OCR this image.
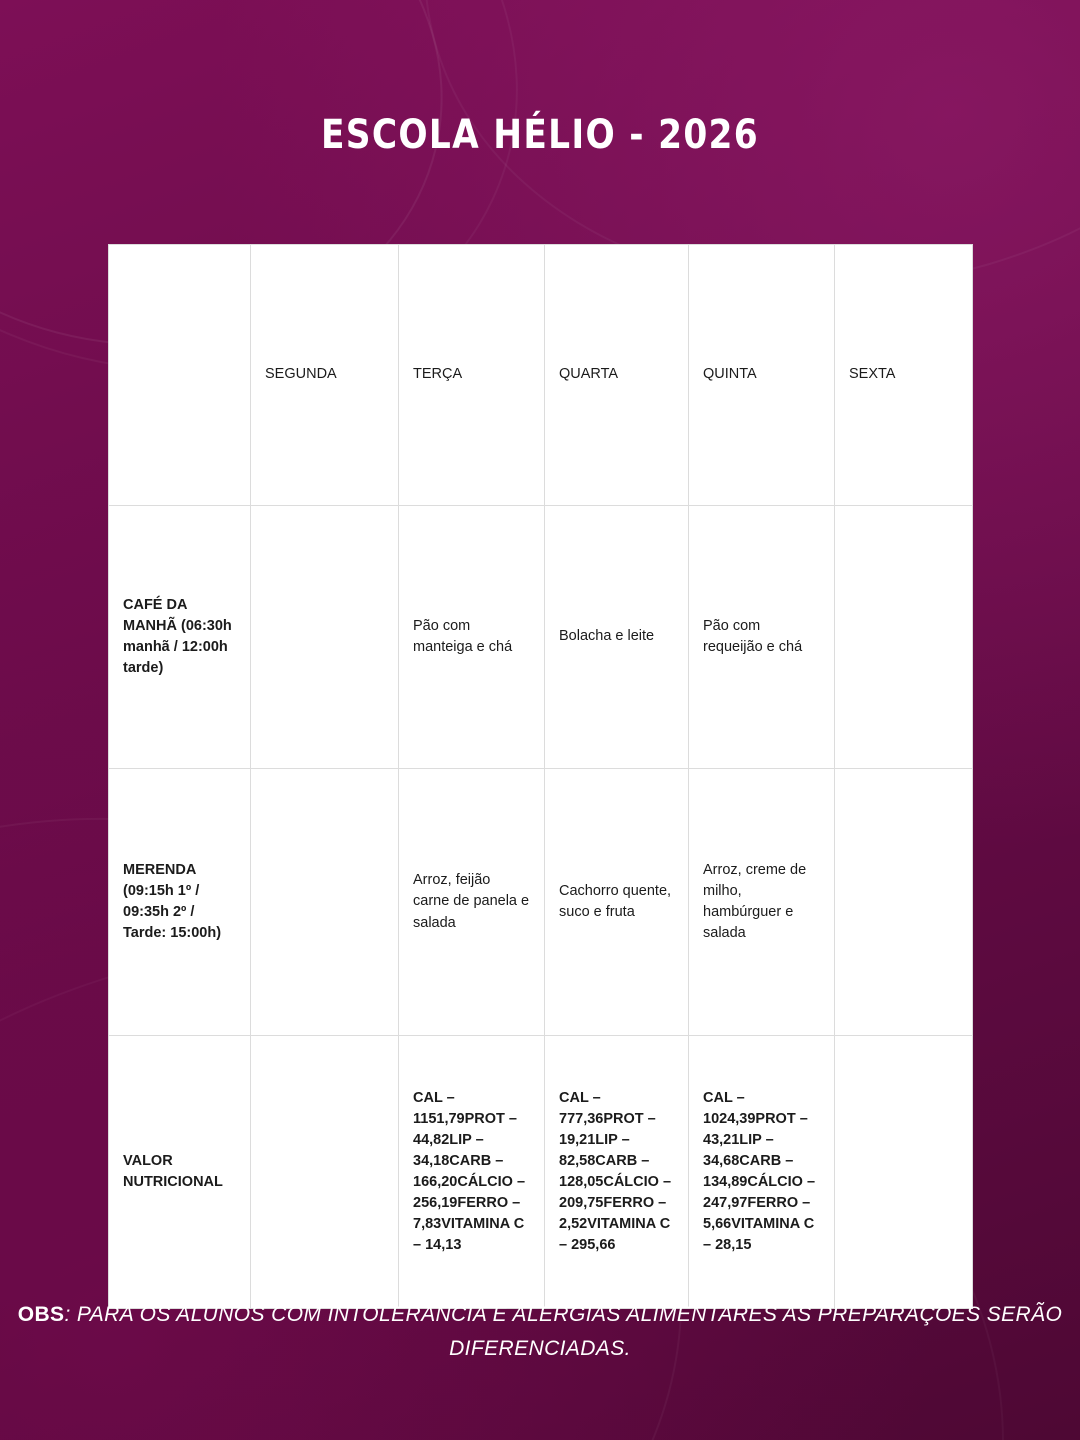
ESCOLA HÉLIO - 2026
	SEGUNDA	TERÇA	QUARTA	QUINTA	SEXTA
CAFÉ DA MANHÃ (06:30h manhã / 12:00h tarde)		Pão com manteiga e chá	Bolacha e leite	Pão com requeijão e chá	
MERENDA (09:15h 1º / 09:35h 2º / Tarde: 15:00h)		Arroz, feijão carne de panela e salada	Cachorro quente, suco e fruta	Arroz, creme de milho, hambúrguer e salada	
VALOR NUTRICIONAL		CAL – 1151,79PROT – 44,82LIP – 34,18CARB – 166,20CÁLCIO – 256,19FERRO – 7,83VITAMINA C – 14,13	CAL – 777,36PROT – 19,21LIP – 82,58CARB – 128,05CÁLCIO – 209,75FERRO – 2,52VITAMINA C – 295,66	CAL – 1024,39PROT – 43,21LIP – 34,68CARB – 134,89CÁLCIO – 247,97FERRO – 5,66VITAMINA C – 28,15	
OBS: PARA OS ALUNOS COM INTOLERÂNCIA E ALERGIAS ALIMENTARES AS PREPARAÇÕES SERÃO DIFERENCIADAS.
